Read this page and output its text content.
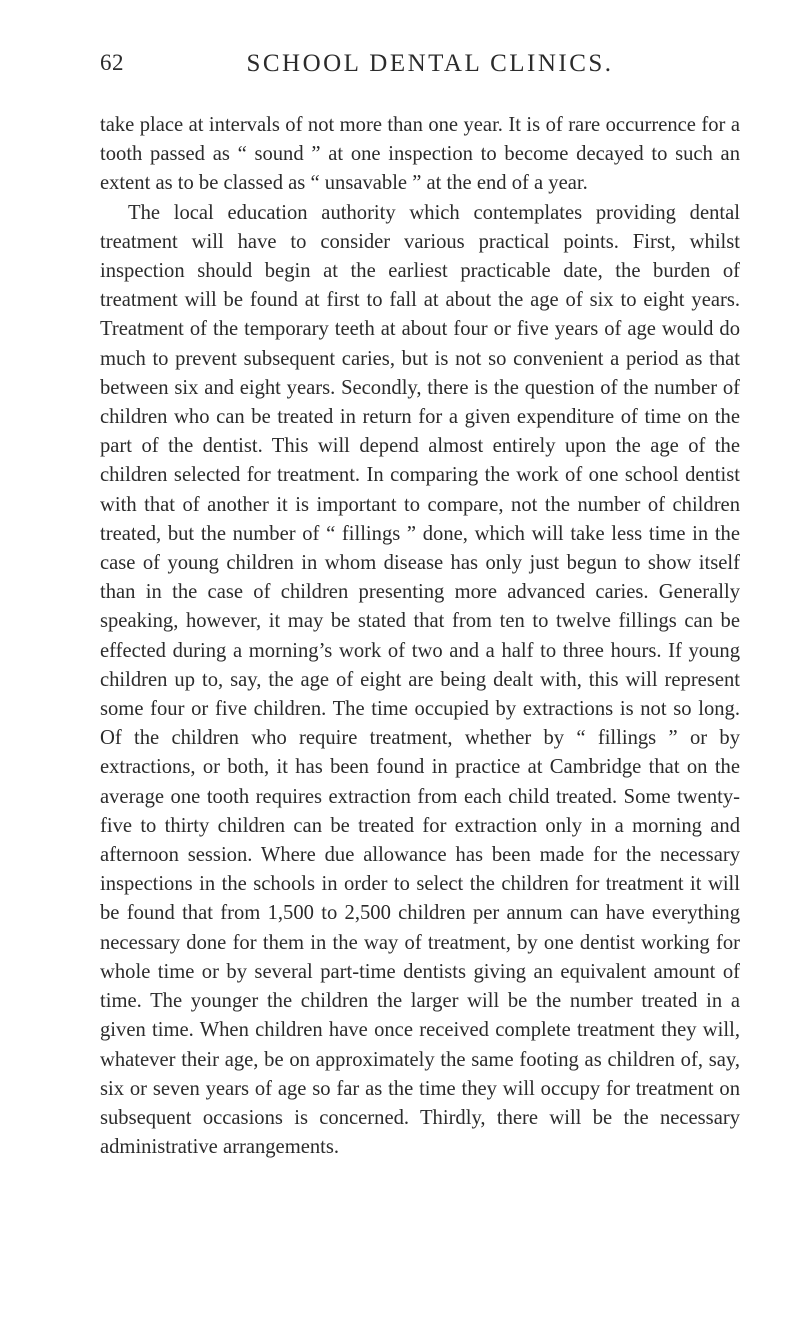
62	SCHOOL DENTAL CLINICS.

take place at intervals of not more than one year. It is of rare occurrence for a tooth passed as “ sound ” at one inspection to become decayed to such an extent as to be classed as “ unsavable ” at the end of a year.

The local education authority which contemplates providing dental treatment will have to consider various practical points. First, whilst inspection should begin at the earliest practicable date, the burden of treatment will be found at first to fall at about the age of six to eight years. Treatment of the temporary teeth at about four or five years of age would do much to prevent subsequent caries, but is not so convenient a period as that between six and eight years. Secondly, there is the question of the number of children who can be treated in return for a given expenditure of time on the part of the dentist. This will depend almost entirely upon the age of the children selected for treatment. In comparing the work of one school dentist with that of another it is important to compare, not the number of children treated, but the number of “ fillings ” done, which will take less time in the case of young children in whom disease has only just begun to show itself than in the case of children presenting more advanced caries. Generally speaking, however, it may be stated that from ten to twelve fillings can be effected during a morning’s work of two and a half to three hours. If young children up to, say, the age of eight are being dealt with, this will represent some four or five children. The time occupied by extractions is not so long. Of the children who require treatment, whether by “ fillings ” or by extractions, or both, it has been found in practice at Cambridge that on the average one tooth requires extraction from each child treated. Some twenty-five to thirty children can be treated for extraction only in a morning and afternoon session. Where due allowance has been made for the necessary inspections in the schools in order to select the children for treatment it will be found that from 1,500 to 2,500 children per annum can have everything necessary done for them in the way of treatment, by one dentist working for whole time or by several part-time dentists giving an equivalent amount of time. The younger the children the larger will be the number treated in a given time. When children have once received complete treatment they will, whatever their age, be on approximately the same footing as children of, say, six or seven years of age so far as the time they will occupy for treatment on subsequent occasions is concerned. Thirdly, there will be the necessary administrative arrangements.
